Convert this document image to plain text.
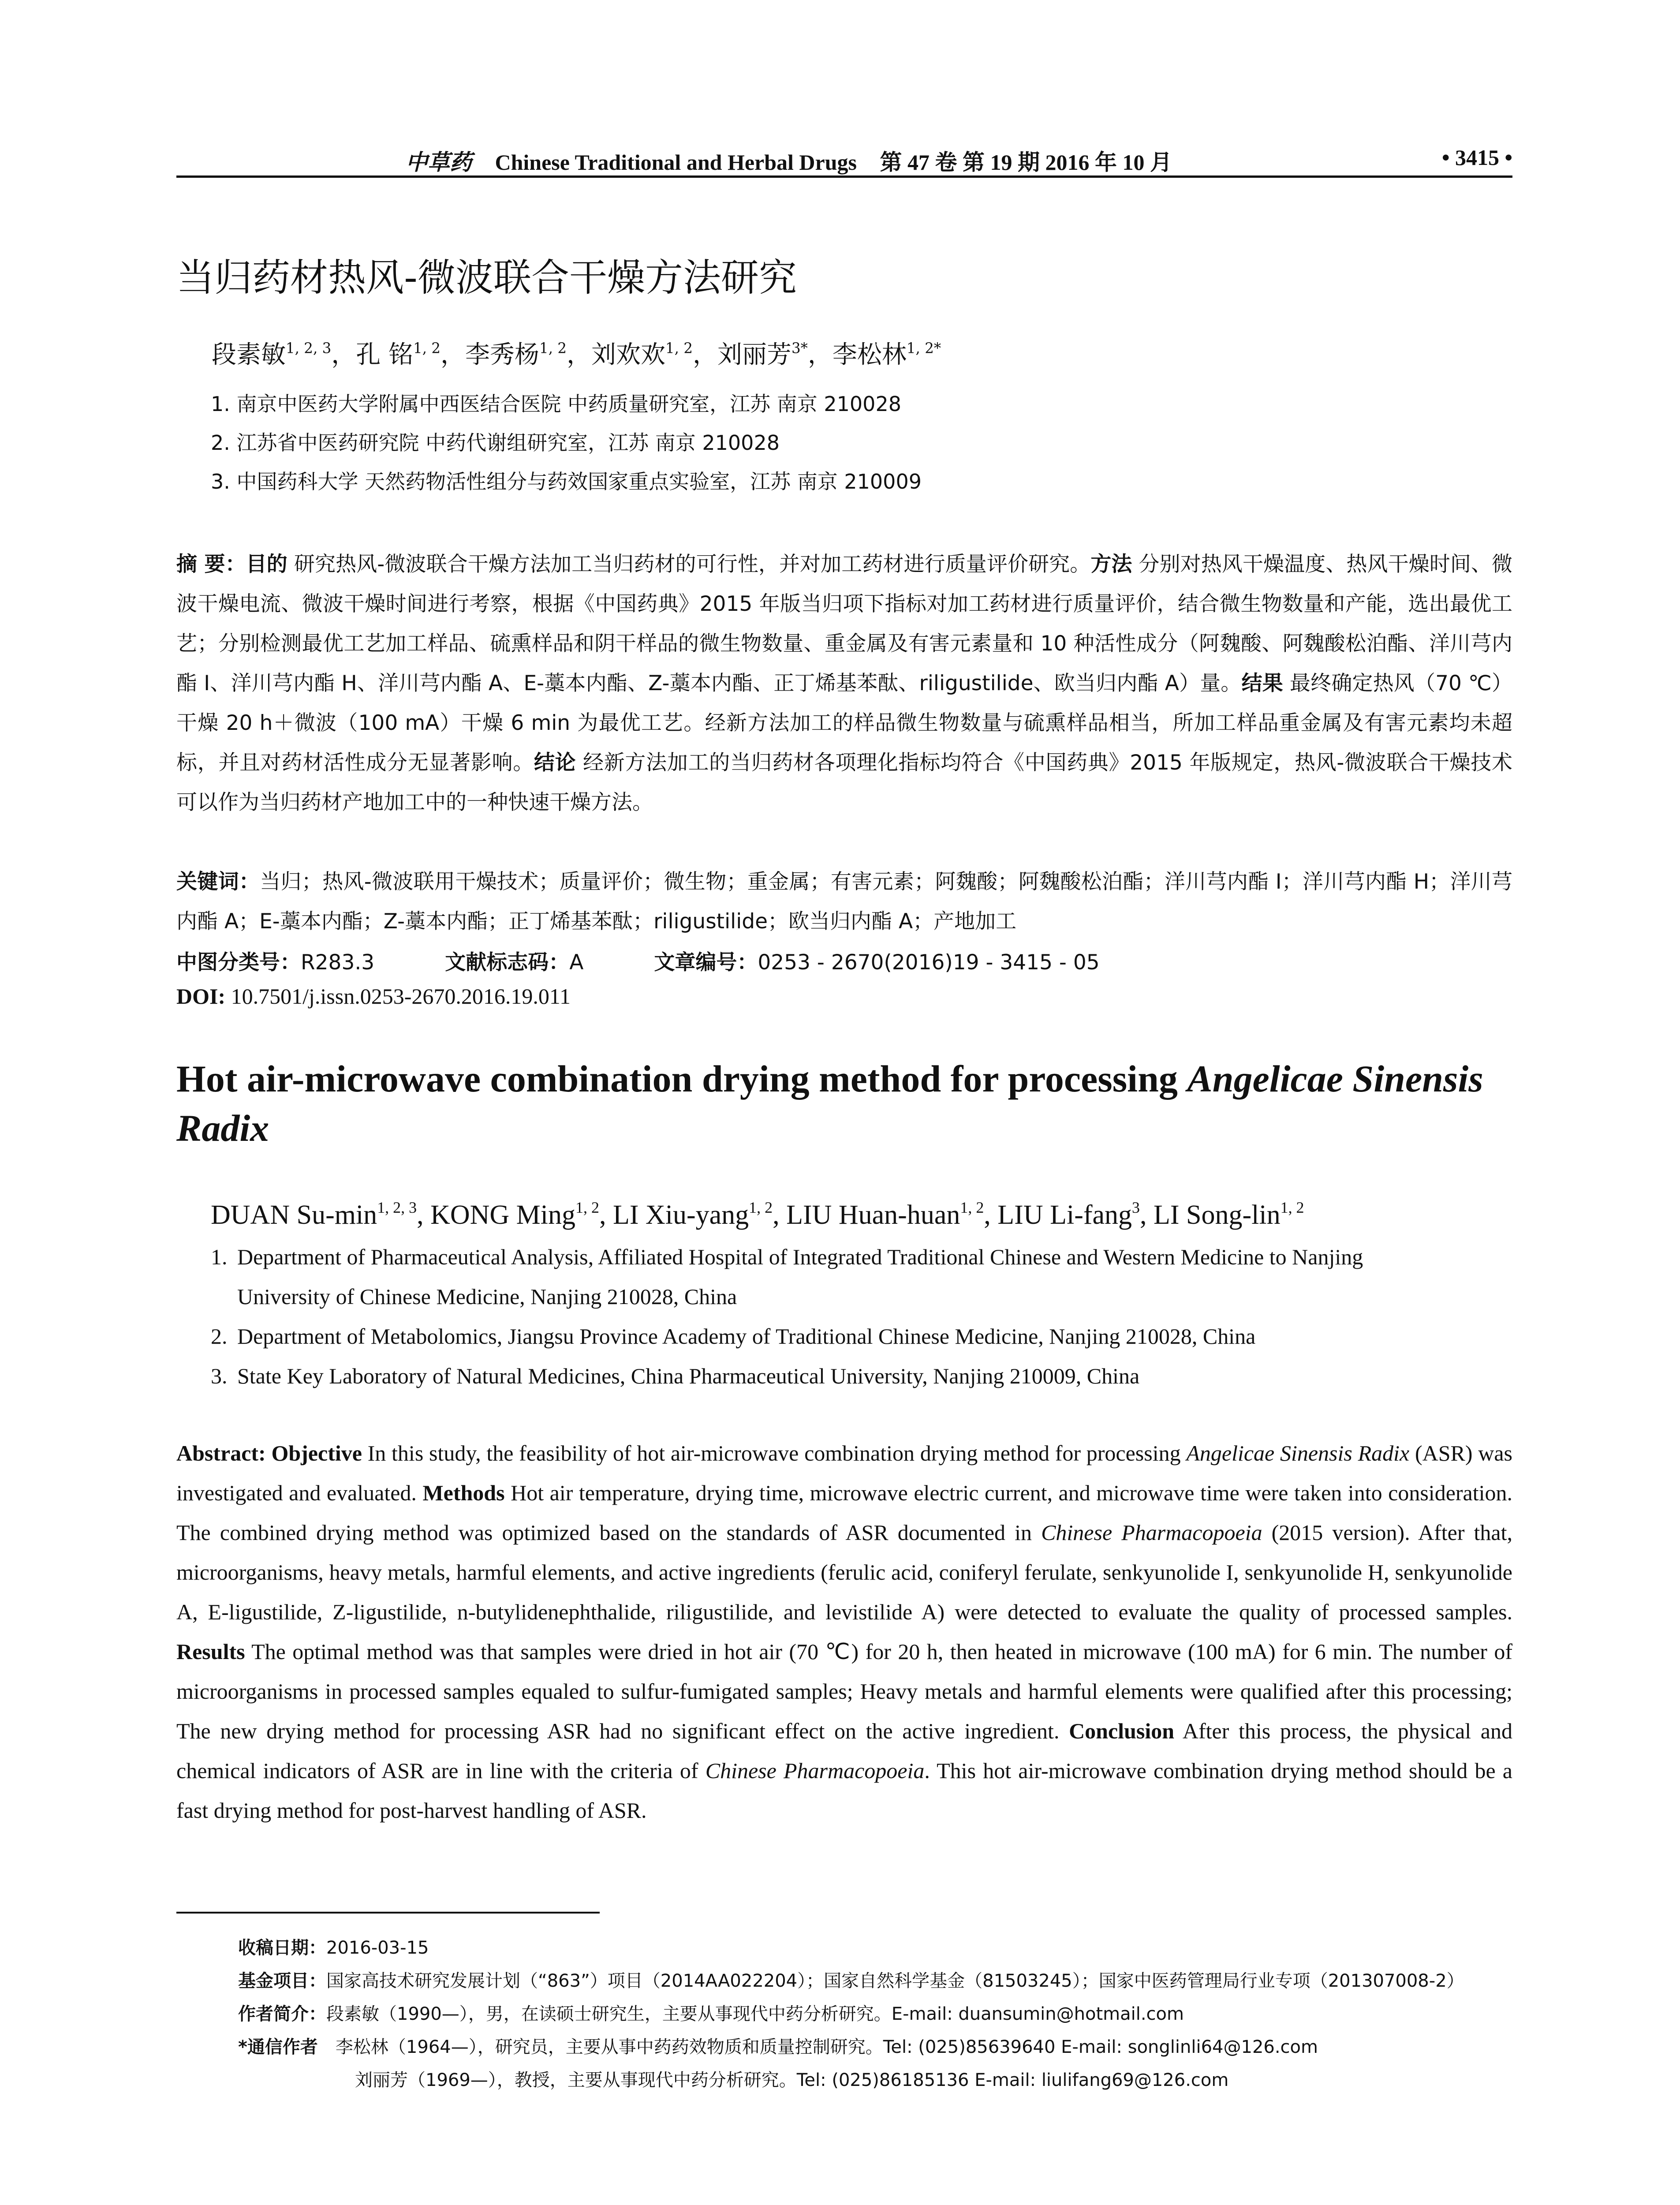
中草药 Chinese Traditional and Herbal Drugs 第 47 卷 第 19 期 2016 年 10 月	• 3415 •
当归药材热风-微波联合干燥方法研究
段素敏$^{1, 2, 3}$，孔 铭$^{1, 2}$，李秀杨$^{1, 2}$，刘欢欢$^{1, 2}$，刘丽芳$^{3*}$，李松林$^{1, 2*}$
1. 南京中医药大学附属中西医结合医院 中药质量研究室，江苏 南京 210028
2. 江苏省中医药研究院 中药代谢组研究室，江苏 南京 210028
3. 中国药科大学 天然药物活性组分与药效国家重点实验室，江苏 南京 210009
摘 要：目的 研究热风-微波联合干燥方法加工当归药材的可行性，并对加工药材进行质量评价研究。方法 分别对热风干燥温度、热风干燥时间、微波干燥电流、微波干燥时间进行考察，根据《中国药典》2015 年版当归项下指标对加工药材进行质量评价，结合微生物数量和产能，选出最优工艺；分别检测最优工艺加工样品、硫熏样品和阴干样品的微生物数量、重金属及有害元素量和 10 种活性成分（阿魏酸、阿魏酸松泊酯、洋川芎内酯 I、洋川芎内酯 H、洋川芎内酯 A、E-藁本内酯、Z-藁本内酯、正丁烯基苯酞、riligustilide、欧当归内酯 A）量。结果 最终确定热风（70 ℃）干燥 20 h＋微波（100 mA）干燥 6 min 为最优工艺。经新方法加工的样品微生物数量与硫熏样品相当，所加工样品重金属及有害元素均未超标，并且对药材活性成分无显著影响。结论 经新方法加工的当归药材各项理化指标均符合《中国药典》2015 年版规定，热风-微波联合干燥技术可以作为当归药材产地加工中的一种快速干燥方法。
关键词：当归；热风-微波联用干燥技术；质量评价；微生物；重金属；有害元素；阿魏酸；阿魏酸松泊酯；洋川芎内酯 I；洋川芎内酯 H；洋川芎内酯 A；E-藁本内酯；Z-藁本内酯；正丁烯基苯酞；riligustilide；欧当归内酯 A；产地加工
中图分类号：R283.3	文献标志码：A	文章编号：0253 - 2670(2016)19 - 3415 - 05
DOI: 10.7501/j.issn.0253-2670.2016.19.011
Hot air-microwave combination drying method for processing Angelicae Sinensis Radix
DUAN $Su-\min^{1, 2, 3}$, KONG Ming$^{1, 2}$, LI Xiu-yang$^{1, 2}$, LIU Huan-huan$^{1, 2}$, LIU Li-fang$^3$, LI Song-lin$^{1, 2}$
1. Department of Pharmaceutical Analysis, Affiliated Hospital of Integrated Traditional Chinese and Western Medicine to Nanjing
University of Chinese Medicine, Nanjing 210028, China
2. Department of Metabolomics, Jiangsu Province Academy of Traditional Chinese Medicine, Nanjing 210028, China
3. State Key Laboratory of Natural Medicines, China Pharmaceutical University, Nanjing 210009, China
Abstract: Objective In this study, the feasibility of hot air-microwave combination drying method for processing Angelicae Sinensis Radix (ASR) was investigated and evaluated. Methods Hot air temperature, drying time, microwave electric current, and microwave time were taken into consideration. The combined drying method was optimized based on the standards of ASR documented in Chinese Pharmacopoeia (2015 version). After that, microorganisms, heavy metals, harmful elements, and active ingredients (ferulic acid, coniferyl ferulate, senkyunolide I, senkyunolide H, senkyunolide A, E-ligustilide, Z-ligustilide, n-butylidenephthalide, riligustilide, and levistilide A) were detected to evaluate the quality of processed samples. Results The optimal method was that samples were dried in hot air (70 ℃) for 20 h, then heated in microwave (100 mA) for 6 min. The number of microorganisms in processed samples equaled to sulfur-fumigated samples; Heavy metals and harmful elements were qualified after this processing; The new drying method for processing ASR had no significant effect on the active ingredient. Conclusion After this process, the physical and chemical indicators of ASR are in line with the criteria of Chinese Pharmacopoeia. This hot air-microwave combination drying method should be a fast drying method for post-harvest handling of ASR.
收稿日期：2016-03-15
基金项目：国家高技术研究发展计划（“863”）项目（2014AA022204）；国家自然科学基金（81503245）；国家中医药管理局行业专项（201307008-2）
作者简介：段素敏（1990—），男，在读硕士研究生，主要从事现代中药分析研究。E-mail: duansumin@hotmail.com
*通信作者　 李松林（1964—），研究员，主要从事中药药效物质和质量控制研究。Tel: (025)85639640 E-mail: songlinli64@126.com
刘丽芳（1969—），教授，主要从事现代中药分析研究。Tel: (025)86185136 E-mail: liulifang69@126.com
